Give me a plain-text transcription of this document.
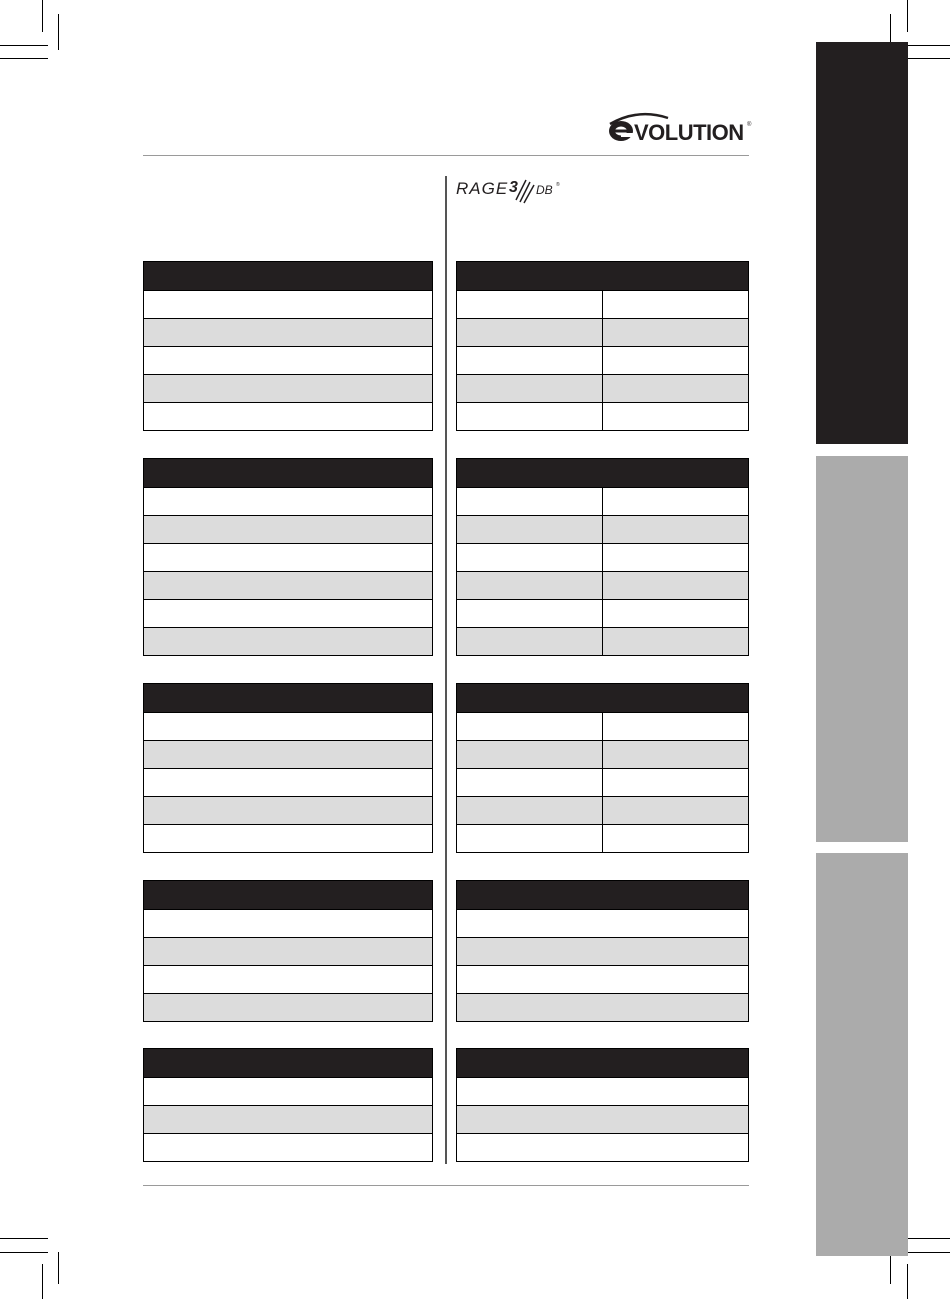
VOLUTION ®
RAGE 3 DB ®
